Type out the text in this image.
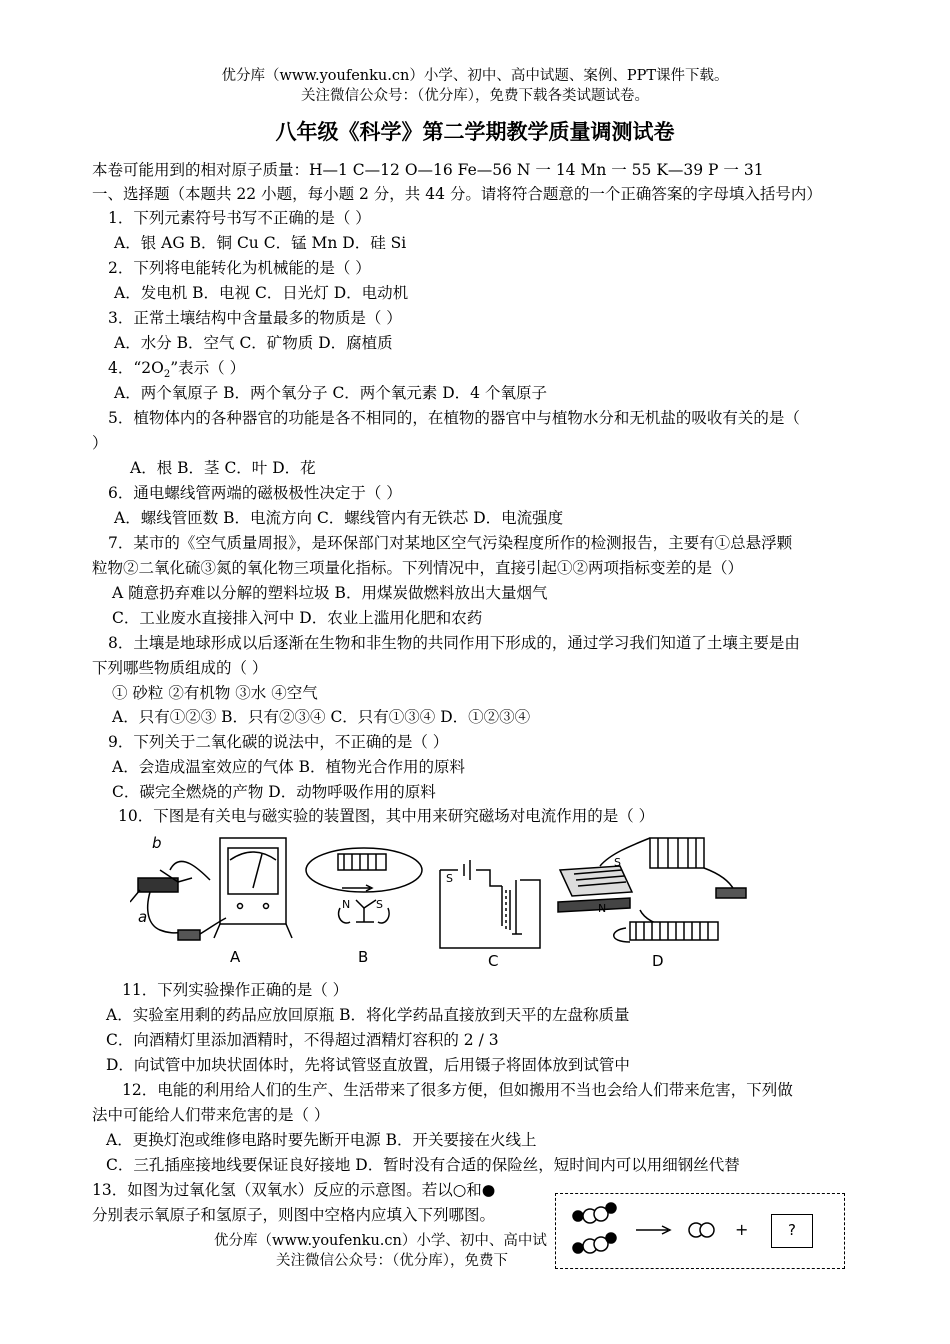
优分库（www.youfenku.cn）小学、初中、高中试题、案例、PPT课件下载。
关注微信公众号：（优分库），免费下载各类试题试卷。
八年级《科学》第二学期教学质量调测试卷
本卷可能用到的相对原子质量：H—1 C—12 O—16 Fe—56 N 一 14 Mn 一 55 K—39 P 一 31
一、选择题（本题共 22 小题，每小题 2 分，共 44 分。请将符合题意的一个正确答案的字母填入括号内）
1．下列元素符号书写不正确的是（ ）
A．银 AG B．铜 Cu C．锰 Mn D．硅 Si
2．下列将电能转化为机械能的是（ ）
A．发电机 B．电视 C．日光灯 D．电动机
3．正常土壤结构中含量最多的物质是（ ）
A．水分 B．空气 C．矿物质 D．腐植质
4．“$2O_2$”表示（ ）
A．两个氧原子 B．两个氧分子 C．两个氧元素 D．4 个氧原子
5．植物体内的各种器官的功能是各不相同的，在植物的器官中与植物水分和无机盐的吸收有关的是（
）
A．根 B．茎 C．叶 D．花
6．通电螺线管两端的磁极极性决定于（ ）
A．螺线管匝数 B．电流方向 C．螺线管内有无铁芯 D．电流强度
7．某市的《空气质量周报》，是环保部门对某地区空气污染程度所作的检测报告，主要有①总悬浮颗
粒物②二氧化硫③氮的氧化物三项量化指标。下列情况中，直接引起①②两项指标变差的是（）
A 随意扔弃难以分解的塑料垃圾 B．用煤炭做燃料放出大量烟气
C．工业废水直接排入河中 D．农业上滥用化肥和农药
8．土壤是地球形成以后逐渐在生物和非生物的共同作用下形成的，通过学习我们知道了土壤主要是由
下列哪些物质组成的（ ）
① 砂粒 ②有机物 ③水 ④空气
A．只有①②③ B．只有②③④ C．只有①③④ D．①②③④
9．下列关于二氧化碳的说法中，不正确的是（ ）
A．会造成温室效应的气体 B．植物光合作用的原料
C．碳完全燃烧的产物 D．动物呼吸作用的原料
10．下图是有关电与磁实验的装置图，其中用来研究磁场对电流作用的是（ ）
b
a
N S
S
N
S
A	B	C	D
11．下列实验操作正确的是（ ）
A．实验室用剩的药品应放回原瓶 B．将化学药品直接放到天平的左盘称质量
C．向酒精灯里添加酒精时，不得超过酒精灯容积的 2 / 3
D．向试管中加块状固体时，先将试管竖直放置，后用镊子将固体放到试管中
12．电能的利用给人们的生产、生活带来了很多方便，但如搬用不当也会给人们带来危害，下列做
法中可能给人们带来危害的是（ ）
A．更换灯泡或维修电路时要先断开电源 B．开关要接在火线上
C．三孔插座接地线要保证良好接地 D．暂时没有合适的保险丝，短时间内可以用细钢丝代替
13．如图为过氧化氢（双氧水）反应的示意图。若以○和●
分别表示氧原子和氢原子，则图中空格内应填入下列哪图。
+	?
优分库（www.youfenku.cn）小学、初中、高中试
关注微信公众号：（优分库），免费下
